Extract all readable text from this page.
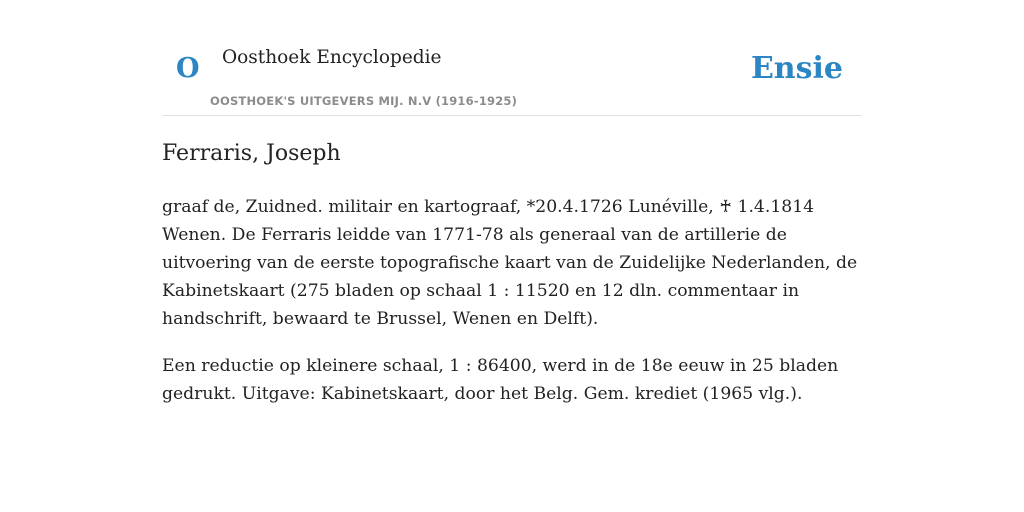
O Oosthoek Encyclopedie
OOSTHOEK'S UITGEVERS MIJ. N.V (1916-1925)
Ensie
Ferraris, Joseph

graaf de, Zuidned. militair en kartograaf, *20.4.1726 Lunéville, ♰ 1.4.1814 Wenen. De Ferraris leidde van 1771-78 als generaal van de artillerie de uitvoering van de eerste topografische kaart van de Zuidelijke Nederlanden, de Kabinetskaart (275 bladen op schaal 1 : 11520 en 12 dln. commentaar in handschrift, bewaard te Brussel, Wenen en Delft).

Een reductie op kleinere schaal, 1 : 86400, werd in de 18e eeuw in 25 bladen gedrukt. Uitgave: Kabinetskaart, door het Belg. Gem. krediet (1965 vlg.).
